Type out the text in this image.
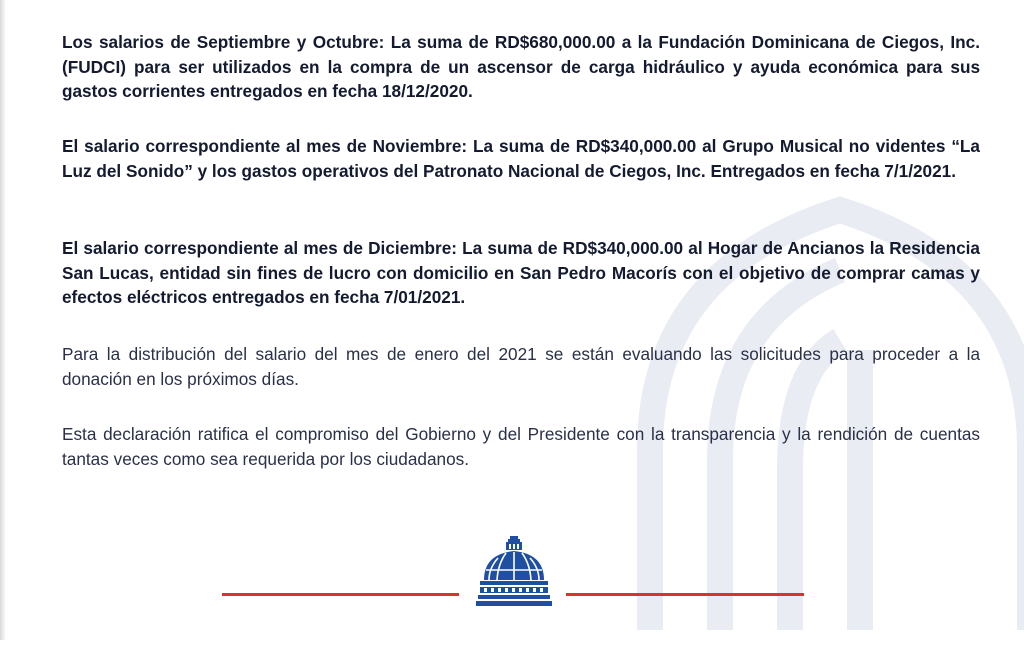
Los salarios de Septiembre y Octubre: La suma de RD$680,000.00 a la Fundación Dominicana de Ciegos, Inc. (FUDCI) para ser utilizados en la compra de un ascensor de carga hidráulico y ayuda económica para sus gastos corrientes entregados en fecha 18/12/2020.

El salario correspondiente al mes de Noviembre: La suma de RD$340,000.00 al Grupo Musical no videntes “La Luz del Sonido” y los gastos operativos del Patronato Nacional de Ciegos, Inc. Entregados en fecha 7/1/2021.

El salario correspondiente al mes de Diciembre: La suma de RD$340,000.00 al Hogar de Ancianos la Residencia San Lucas, entidad sin fines de lucro con domicilio en San Pedro Macorís con el objetivo de comprar camas y efectos eléctricos entregados en fecha 7/01/2021.

Para la distribución del salario del mes de enero del 2021 se están evaluando las solicitudes para proceder a la donación en los próximos días.

Esta declaración ratifica el compromiso del Gobierno y del Presidente con la transparencia y la rendición de cuentas tantas veces como sea requerida por los ciudadanos.
